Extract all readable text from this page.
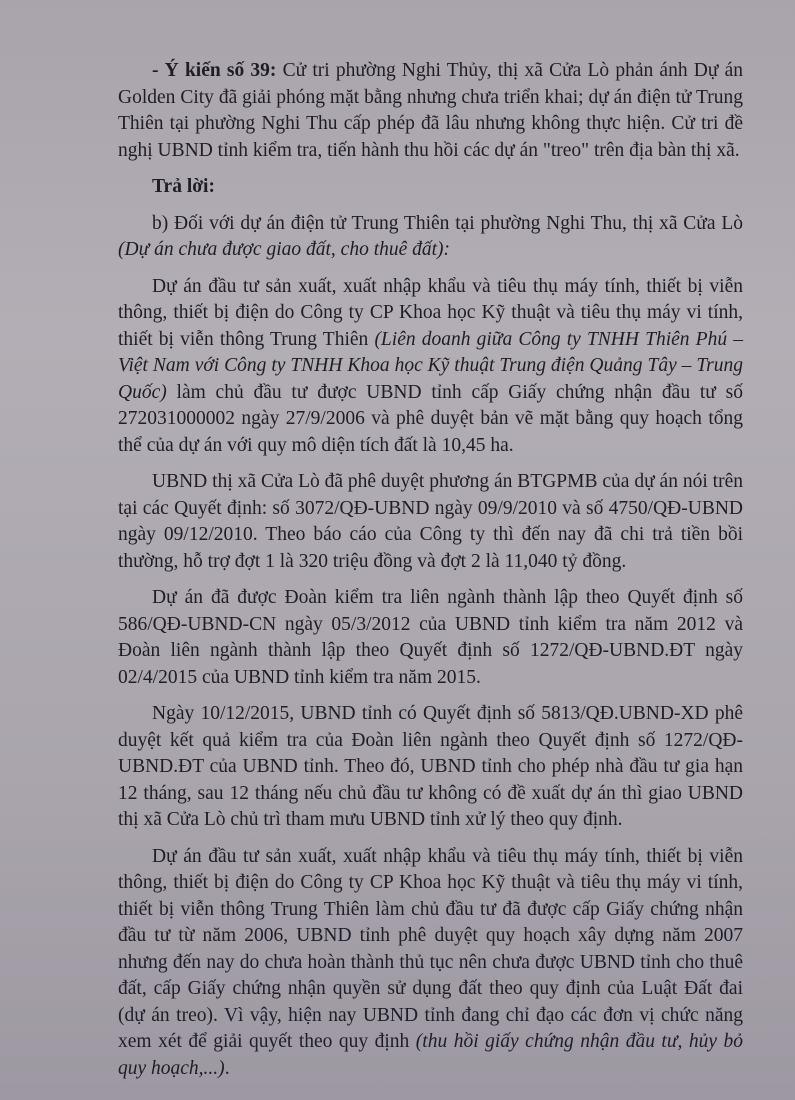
- Ý kiến số 39: Cử tri phường Nghi Thủy, thị xã Cửa Lò phản ánh Dự án Golden City đã giải phóng mặt bằng nhưng chưa triển khai; dự án điện tử Trung Thiên tại phường Nghi Thu cấp phép đã lâu nhưng không thực hiện. Cử tri đề nghị UBND tỉnh kiểm tra, tiến hành thu hồi các dự án "treo" trên địa bàn thị xã.

Trả lời:

b) Đối với dự án điện tử Trung Thiên tại phường Nghi Thu, thị xã Cửa Lò (Dự án chưa được giao đất, cho thuê đất):

Dự án đầu tư sản xuất, xuất nhập khẩu và tiêu thụ máy tính, thiết bị viễn thông, thiết bị điện do Công ty CP Khoa học Kỹ thuật và tiêu thụ máy vi tính, thiết bị viễn thông Trung Thiên (Liên doanh giữa Công ty TNHH Thiên Phú – Việt Nam với Công ty TNHH Khoa học Kỹ thuật Trung điện Quảng Tây – Trung Quốc) làm chủ đầu tư được UBND tỉnh cấp Giấy chứng nhận đầu tư số 272031000002 ngày 27/9/2006 và phê duyệt bản vẽ mặt bằng quy hoạch tổng thể của dự án với quy mô diện tích đất là 10,45 ha.

UBND thị xã Cửa Lò đã phê duyệt phương án BTGPMB của dự án nói trên tại các Quyết định: số 3072/QĐ-UBND ngày 09/9/2010 và số 4750/QĐ-UBND ngày 09/12/2010. Theo báo cáo của Công ty thì đến nay đã chi trả tiền bồi thường, hỗ trợ đợt 1 là 320 triệu đồng và đợt 2 là 11,040 tỷ đồng.

Dự án đã được Đoàn kiểm tra liên ngành thành lập theo Quyết định số 586/QĐ-UBND-CN ngày 05/3/2012 của UBND tỉnh kiểm tra năm 2012 và Đoàn liên ngành thành lập theo Quyết định số 1272/QĐ-UBND.ĐT ngày 02/4/2015 của UBND tỉnh kiểm tra năm 2015.

Ngày 10/12/2015, UBND tỉnh có Quyết định số 5813/QĐ.UBND-XD phê duyệt kết quả kiểm tra của Đoàn liên ngành theo Quyết định số 1272/QĐ-UBND.ĐT của UBND tỉnh. Theo đó, UBND tỉnh cho phép nhà đầu tư gia hạn 12 tháng, sau 12 tháng nếu chủ đầu tư không có đề xuất dự án thì giao UBND thị xã Cửa Lò chủ trì tham mưu UBND tỉnh xử lý theo quy định.

Dự án đầu tư sản xuất, xuất nhập khẩu và tiêu thụ máy tính, thiết bị viễn thông, thiết bị điện do Công ty CP Khoa học Kỹ thuật và tiêu thụ máy vi tính, thiết bị viễn thông Trung Thiên làm chủ đầu tư đã được cấp Giấy chứng nhận đầu tư từ năm 2006, UBND tỉnh phê duyệt quy hoạch xây dựng năm 2007 nhưng đến nay do chưa hoàn thành thủ tục nên chưa được UBND tỉnh cho thuê đất, cấp Giấy chứng nhận quyền sử dụng đất theo quy định của Luật Đất đai (dự án treo). Vì vậy, hiện nay UBND tỉnh đang chỉ đạo các đơn vị chức năng xem xét để giải quyết theo quy định (thu hồi giấy chứng nhận đầu tư, hủy bỏ quy hoạch,...).
